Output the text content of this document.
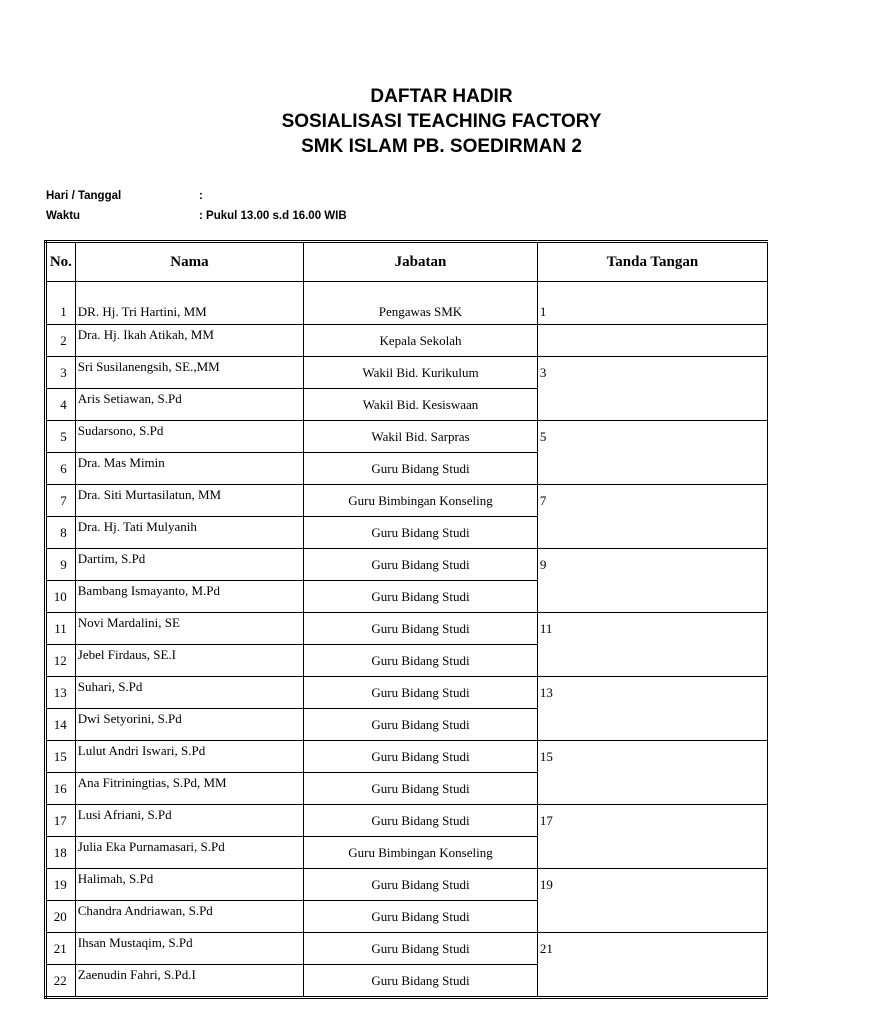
DAFTAR HADIR
SOSIALISASI TEACHING FACTORY
SMK ISLAM PB. SOEDIRMAN 2
Hari / Tanggal	:
Waktu	: Pukul 13.00 s.d 16.00 WIB
No.	Nama	Jabatan	Tanda Tangan
1	DR. Hj. Tri Hartini, MM	Pengawas SMK	1
2	Dra. Hj. Ikah Atikah, MM	Kepala Sekolah	
3	Sri Susilanengsih, SE.,MM	Wakil Bid. Kurikulum	3
4	Aris Setiawan, S.Pd	Wakil Bid. Kesiswaan	
5	Sudarsono, S.Pd	Wakil Bid. Sarpras	5
6	Dra. Mas Mimin	Guru Bidang Studi	
7	Dra. Siti Murtasilatun, MM	Guru Bimbingan Konseling	7
8	Dra. Hj. Tati Mulyanih	Guru Bidang Studi	
9	Dartim, S.Pd	Guru Bidang Studi	9
10	Bambang Ismayanto, M.Pd	Guru Bidang Studi	
11	Novi Mardalini, SE	Guru Bidang Studi	11
12	Jebel Firdaus, SE.I	Guru Bidang Studi	
13	Suhari, S.Pd	Guru Bidang Studi	13
14	Dwi Setyorini, S.Pd	Guru Bidang Studi	
15	Lulut Andri Iswari, S.Pd	Guru Bidang Studi	15
16	Ana Fitriningtias, S.Pd, MM	Guru Bidang Studi	
17	Lusi Afriani, S.Pd	Guru Bidang Studi	17
18	Julia Eka Purnamasari, S.Pd	Guru Bimbingan Konseling	
19	Halimah, S.Pd	Guru Bidang Studi	19
20	Chandra Andriawan, S.Pd	Guru Bidang Studi	
21	Ihsan Mustaqim, S.Pd	Guru Bidang Studi	21
22	Zaenudin Fahri, S.Pd.I	Guru Bidang Studi	
